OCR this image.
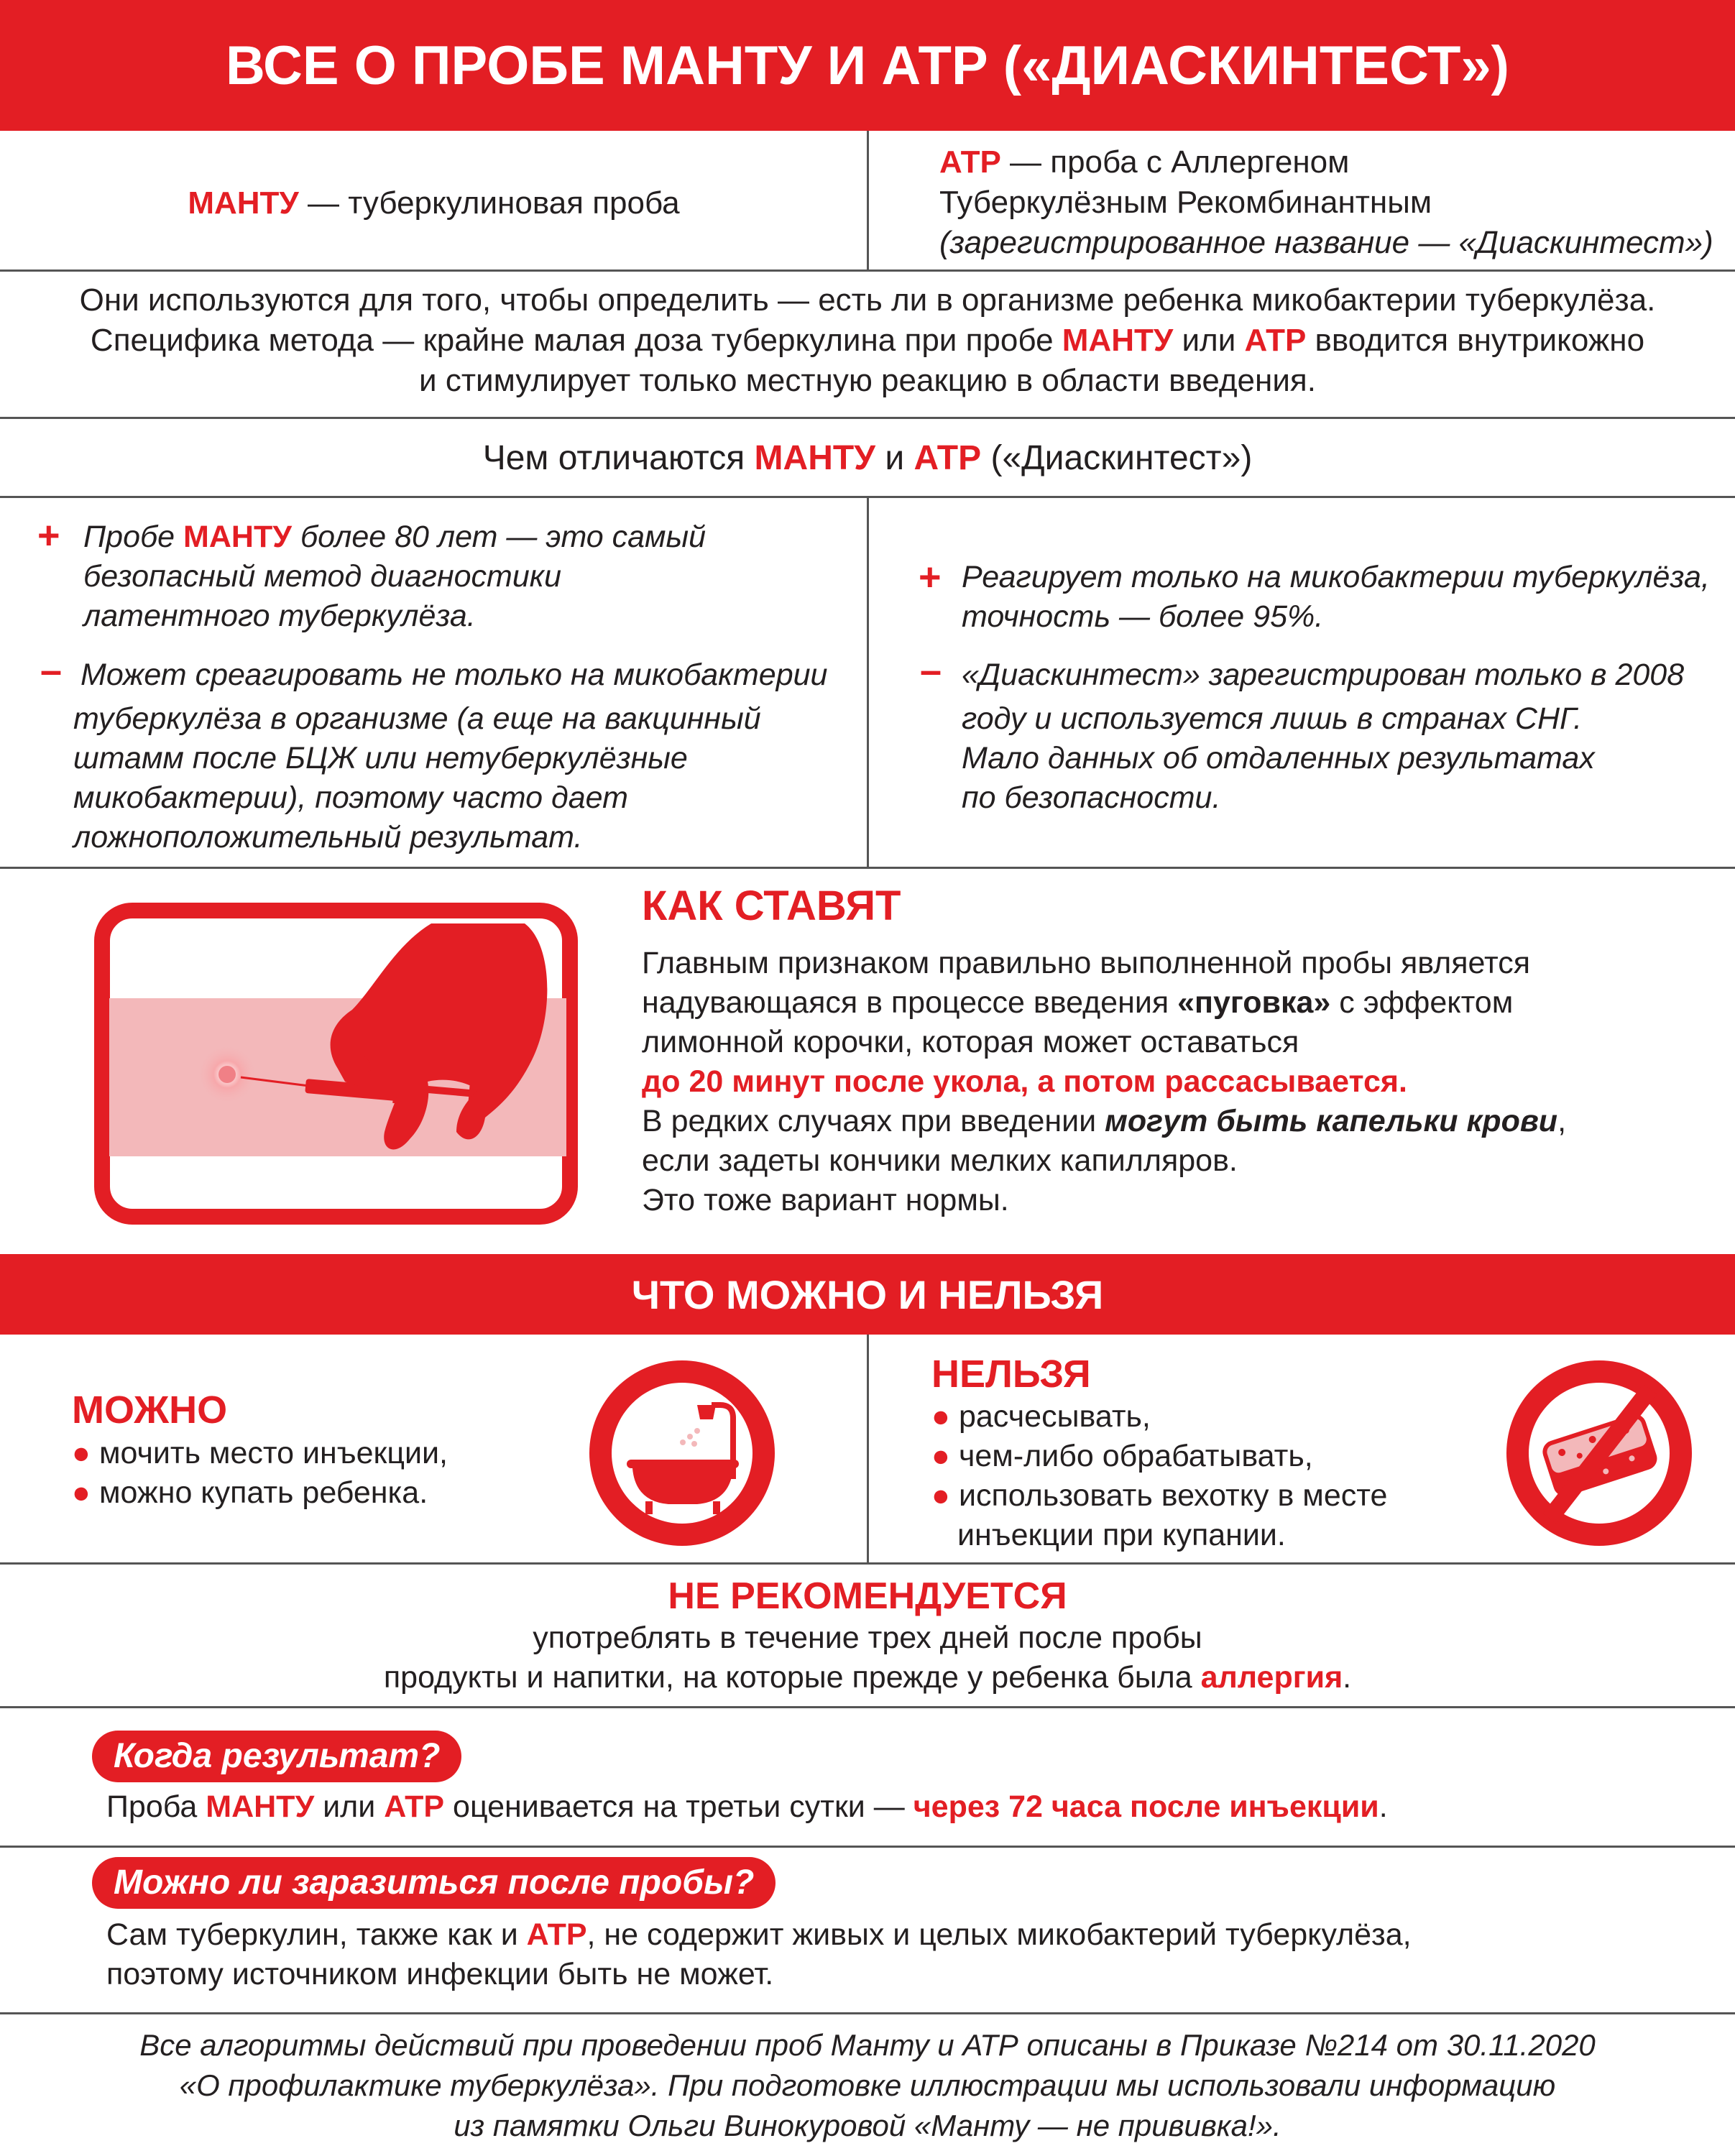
ВСЕ О ПРОБЕ МАНТУ И АТР («ДИАСКИНТЕСТ»)
МАНТУ — туберкулиновая проба
АТР — проба с Аллергеном
Туберкулёзным Рекомбинантным
(зарегистрированное название — «Диаскинтест»)
Они используются для того, чтобы определить — есть ли в организме ребенка микобактерии туберкулёза.
Специфика метода — крайне малая доза туберкулина при пробе МАНТУ или АТР вводится внутрикожно
и стимулирует только местную реакцию в области введения.
Чем отличаются МАНТУ и АТР («Диаскинтест»)
+ Пробе МАНТУ более 80 лет — это самый
безопасный метод диагностики
латентного туберкулёза.
– Может среагировать не только на микобактерии
туберкулёза в организме (а еще на вакцинный
штамм после БЦЖ или нетуберкулёзные
микобактерии), поэтому часто дает
ложноположительный результат.
+ Реагирует только на микобактерии туберкулёза,
точность — более 95%.
– «Диаскинтест» зарегистрирован только в 2008
году и используется лишь в странах СНГ.
Мало данных об отдаленных результатах
по безопасности.
КАК СТАВЯТ
Главным признаком правильно выполненной пробы является
надувающаяся в процессе введения «пуговка» с эффектом
лимонной корочки, которая может оставаться
до 20 минут после укола, а потом рассасывается.
В редких случаях при введении могут быть капельки крови,
если задеты кончики мелких капилляров.
Это тоже вариант нормы.
ЧТО МОЖНО И НЕЛЬЗЯ
МОЖНО
● мочить место инъекции,
● можно купать ребенка.
НЕЛЬЗЯ
● расчесывать,
● чем-либо обрабатывать,
● использовать вехотку в месте
инъекции при купании.
НЕ РЕКОМЕНДУЕТСЯ
употреблять в течение трех дней после пробы
продукты и напитки, на которые прежде у ребенка была аллергия.
Когда результат?
Проба МАНТУ или АТР оценивается на третьи сутки — через 72 часа после инъекции.
Можно ли заразиться после пробы?
Сам туберкулин, также как и АТР, не содержит живых и целых микобактерий туберкулёза,
поэтому источником инфекции быть не может.
Все алгоритмы действий при проведении проб Манту и АТР описаны в Приказе №214 от 30.11.2020
«О профилактике туберкулёза». При подготовке иллюстрации мы использовали информацию
из памятки Ольги Винокуровой «Манту — не прививка!».
